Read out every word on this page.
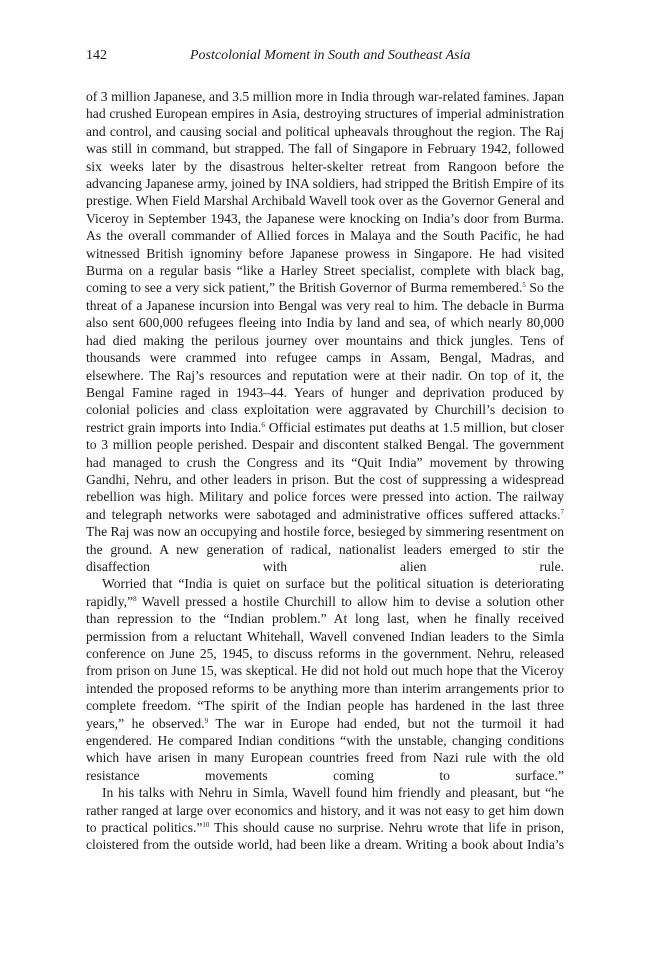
142	Postcolonial Moment in South and Southeast Asia

of 3 million Japanese, and 3.5 million more in India through war-related famines. Japan had crushed European empires in Asia, destroying structures of imperial administration and control, and causing social and political upheavals throughout the region. The Raj was still in command, but strapped. The fall of Singapore in February 1942, followed six weeks later by the disastrous helter-skelter retreat from Rangoon before the advancing Japanese army, joined by INA soldiers, had stripped the British Empire of its prestige. When Field Marshal Archibald Wavell took over as the Governor General and Viceroy in September 1943, the Japanese were knocking on India’s door from Burma. As the overall commander of Allied forces in Malaya and the South Pacific, he had witnessed British ignominy before Japanese prowess in Singapore. He had visited Burma on a regular basis “like a Harley Street specialist, complete with black bag, coming to see a very sick patient,” the British Governor of Burma remembered.$^5$ So the threat of a Japanese incursion into Bengal was very real to him. The debacle in Burma also sent 600,000 refugees fleeing into India by land and sea, of which nearly 80,000 had died making the perilous journey over mountains and thick jungles. Tens of thousands were crammed into refugee camps in Assam, Bengal, Madras, and elsewhere. The Raj’s resources and reputation were at their nadir. On top of it, the Bengal Famine raged in 1943–44. Years of hunger and deprivation produced by colonial policies and class exploitation were aggravated by Churchill’s decision to restrict grain imports into India.$^6$ Official estimates put deaths at 1.5 million, but closer to 3 million people perished. Despair and discontent stalked Bengal. The government had managed to crush the Congress and its “Quit India” movement by throwing Gandhi, Nehru, and other leaders in prison. But the cost of suppressing a widespread rebellion was high. Military and police forces were pressed into action. The railway and telegraph networks were sabotaged and administrative offices suffered attacks.$^7$ The Raj was now an occupying and hostile force, besieged by simmering resentment on the ground. A new generation of radical, nationalist leaders emerged to stir the disaffection with alien rule.

Worried that “India is quiet on surface but the political situation is deteriorating rapidly,”$^8$ Wavell pressed a hostile Churchill to allow him to devise a solution other than repression to the “Indian problem.” At long last, when he finally received permission from a reluctant Whitehall, Wavell convened Indian leaders to the Simla conference on June 25, 1945, to discuss reforms in the government. Nehru, released from prison on June 15, was skeptical. He did not hold out much hope that the Viceroy intended the proposed reforms to be anything more than interim arrangements prior to complete freedom. “The spirit of the Indian people has hardened in the last three years,” he observed.$^9$ The war in Europe had ended, but not the turmoil it had engendered. He compared Indian conditions “with the unstable, changing conditions which have arisen in many European countries freed from Nazi rule with the old resistance movements coming to surface.”

In his talks with Nehru in Simla, Wavell found him friendly and pleasant, but “he rather ranged at large over economics and history, and it was not easy to get him down to practical politics.”$^{10}$ This should cause no surprise. Nehru wrote that life in prison, cloistered from the outside world, had been like a dream. Writing a book about India’s
